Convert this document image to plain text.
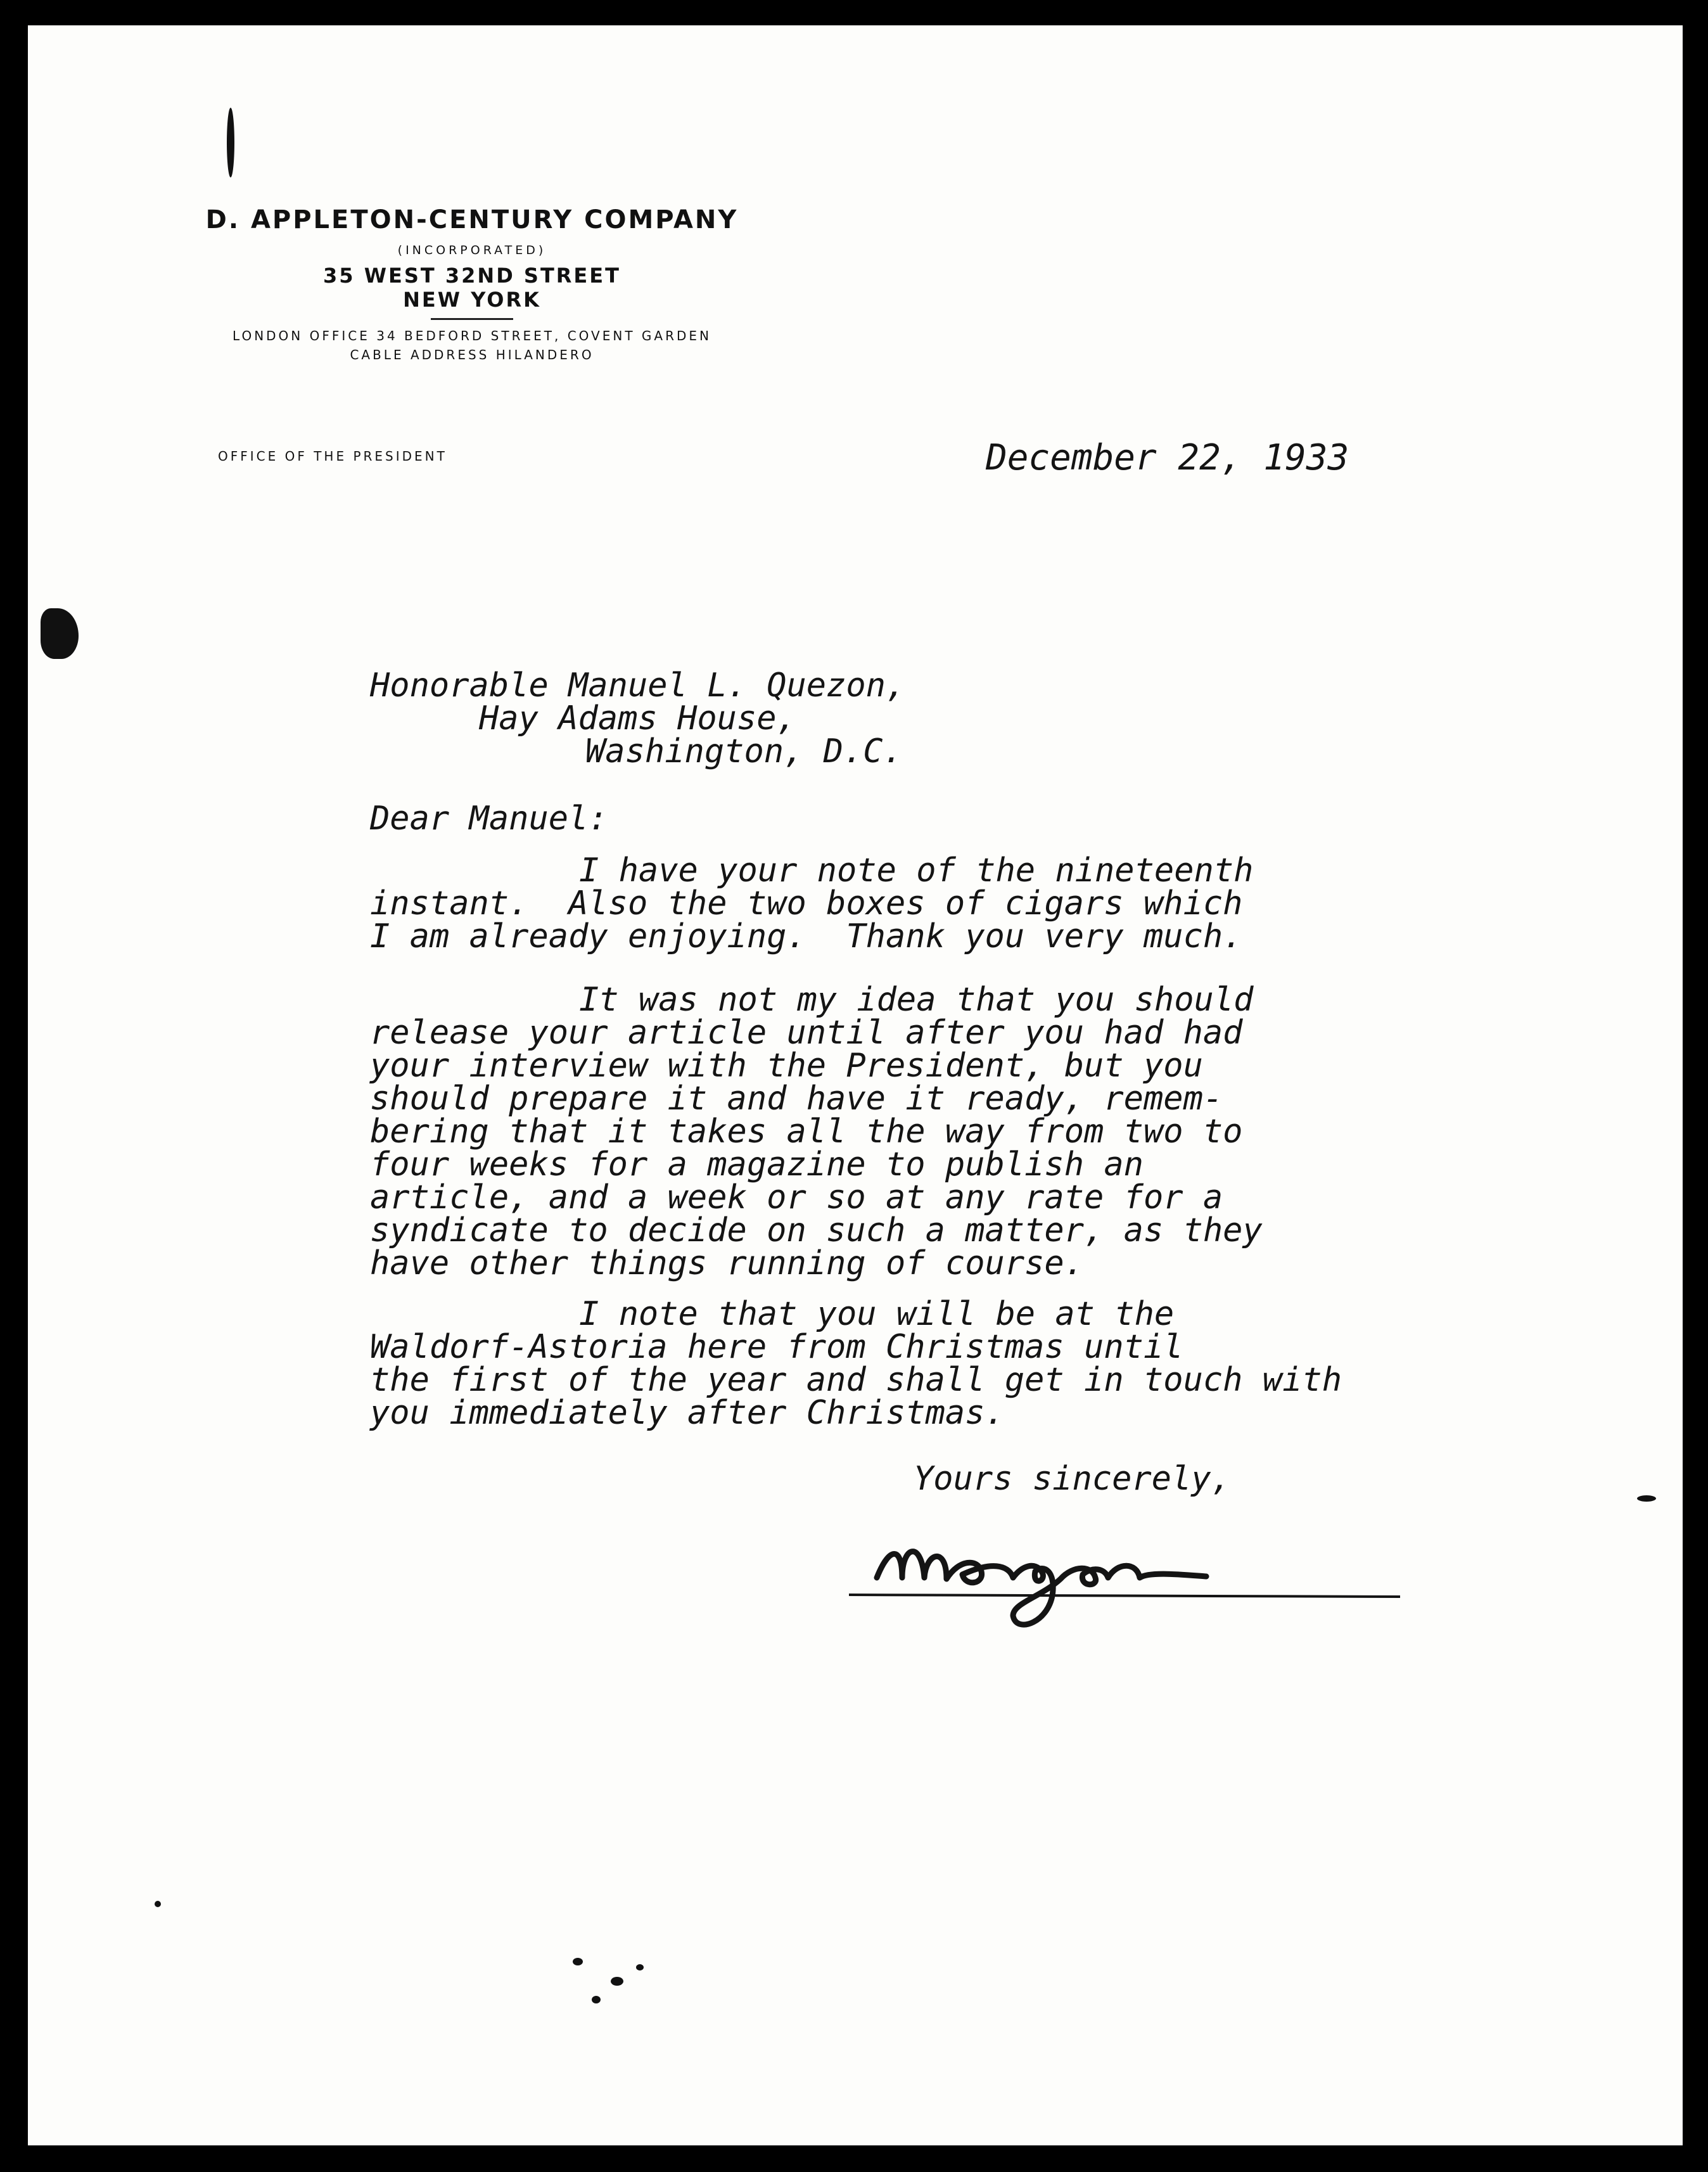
D. APPLETON-CENTURY COMPANY
(INCORPORATED)
35 WEST 32ND STREET
NEW YORK
LONDON OFFICE 34 BEDFORD STREET, COVENT GARDEN
CABLE ADDRESS HILANDERO
OFFICE OF THE PRESIDENT	December 22, 1933
Honorable Manuel L. Quezon,
Hay Adams House,
Washington, D.C.
Dear Manuel:
I have your note of the nineteenth
instant.  Also the two boxes of cigars which
I am already enjoying.  Thank you very much.
It was not my idea that you should
release your article until after you had had
your interview with the President, but you
should prepare it and have it ready, remem-
bering that it takes all the way from two to
four weeks for a magazine to publish an
article, and a week or so at any rate for a
syndicate to decide on such a matter, as they
have other things running of course.
I note that you will be at the
Waldorf-Astoria here from Christmas until
the first of the year and shall get in touch with
you immediately after Christmas.
Yours sincerely,
